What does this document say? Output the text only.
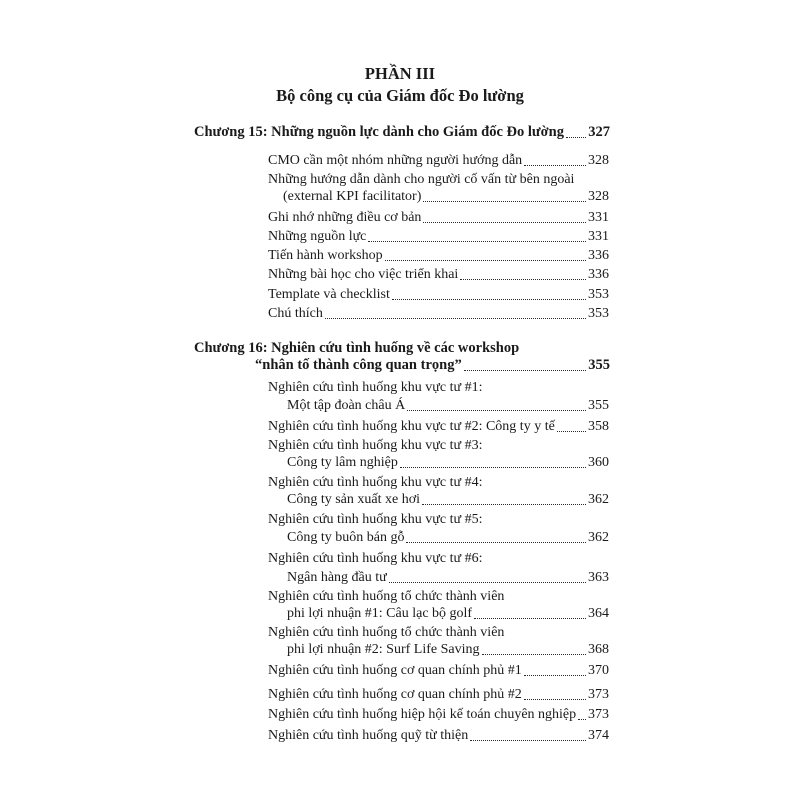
PHẦN III
Bộ công cụ của Giám đốc Đo lường
Chương 15: Những nguồn lực dành cho Giám đốc Đo lường 327
CMO cần một nhóm những người hướng dẫn	328
Những hướng dẫn dành cho người cố vấn từ bên ngoài
(external KPI facilitator)	328
Ghi nhớ những điều cơ bản	331
Những nguồn lực	331
Tiến hành workshop	336
Những bài học cho việc triển khai	336
Template và checklist	353
Chú thích	353
Chương 16: Nghiên cứu tình huống về các workshop
“nhân tố thành công quan trọng”	355
Nghiên cứu tình huống khu vực tư #1:
Một tập đoàn châu Á	355
Nghiên cứu tình huống khu vực tư #2: Công ty y tế 358
Nghiên cứu tình huống khu vực tư #3:
Công ty lâm nghiệp	360
Nghiên cứu tình huống khu vực tư #4:
Công ty sản xuất xe hơi	362
Nghiên cứu tình huống khu vực tư #5:
Công ty buôn bán gỗ	362
Nghiên cứu tình huống khu vực tư #6:
Ngân hàng đầu tư	363
Nghiên cứu tình huống tổ chức thành viên
phi lợi nhuận #1: Câu lạc bộ golf	364
Nghiên cứu tình huống tổ chức thành viên
phi lợi nhuận #2: Surf Life Saving	368
Nghiên cứu tình huống cơ quan chính phủ #1	370
Nghiên cứu tình huống cơ quan chính phủ #2	373
Nghiên cứu tình huống hiệp hội kế toán chuyên nghiệp 373
Nghiên cứu tình huống quỹ từ thiện	374
